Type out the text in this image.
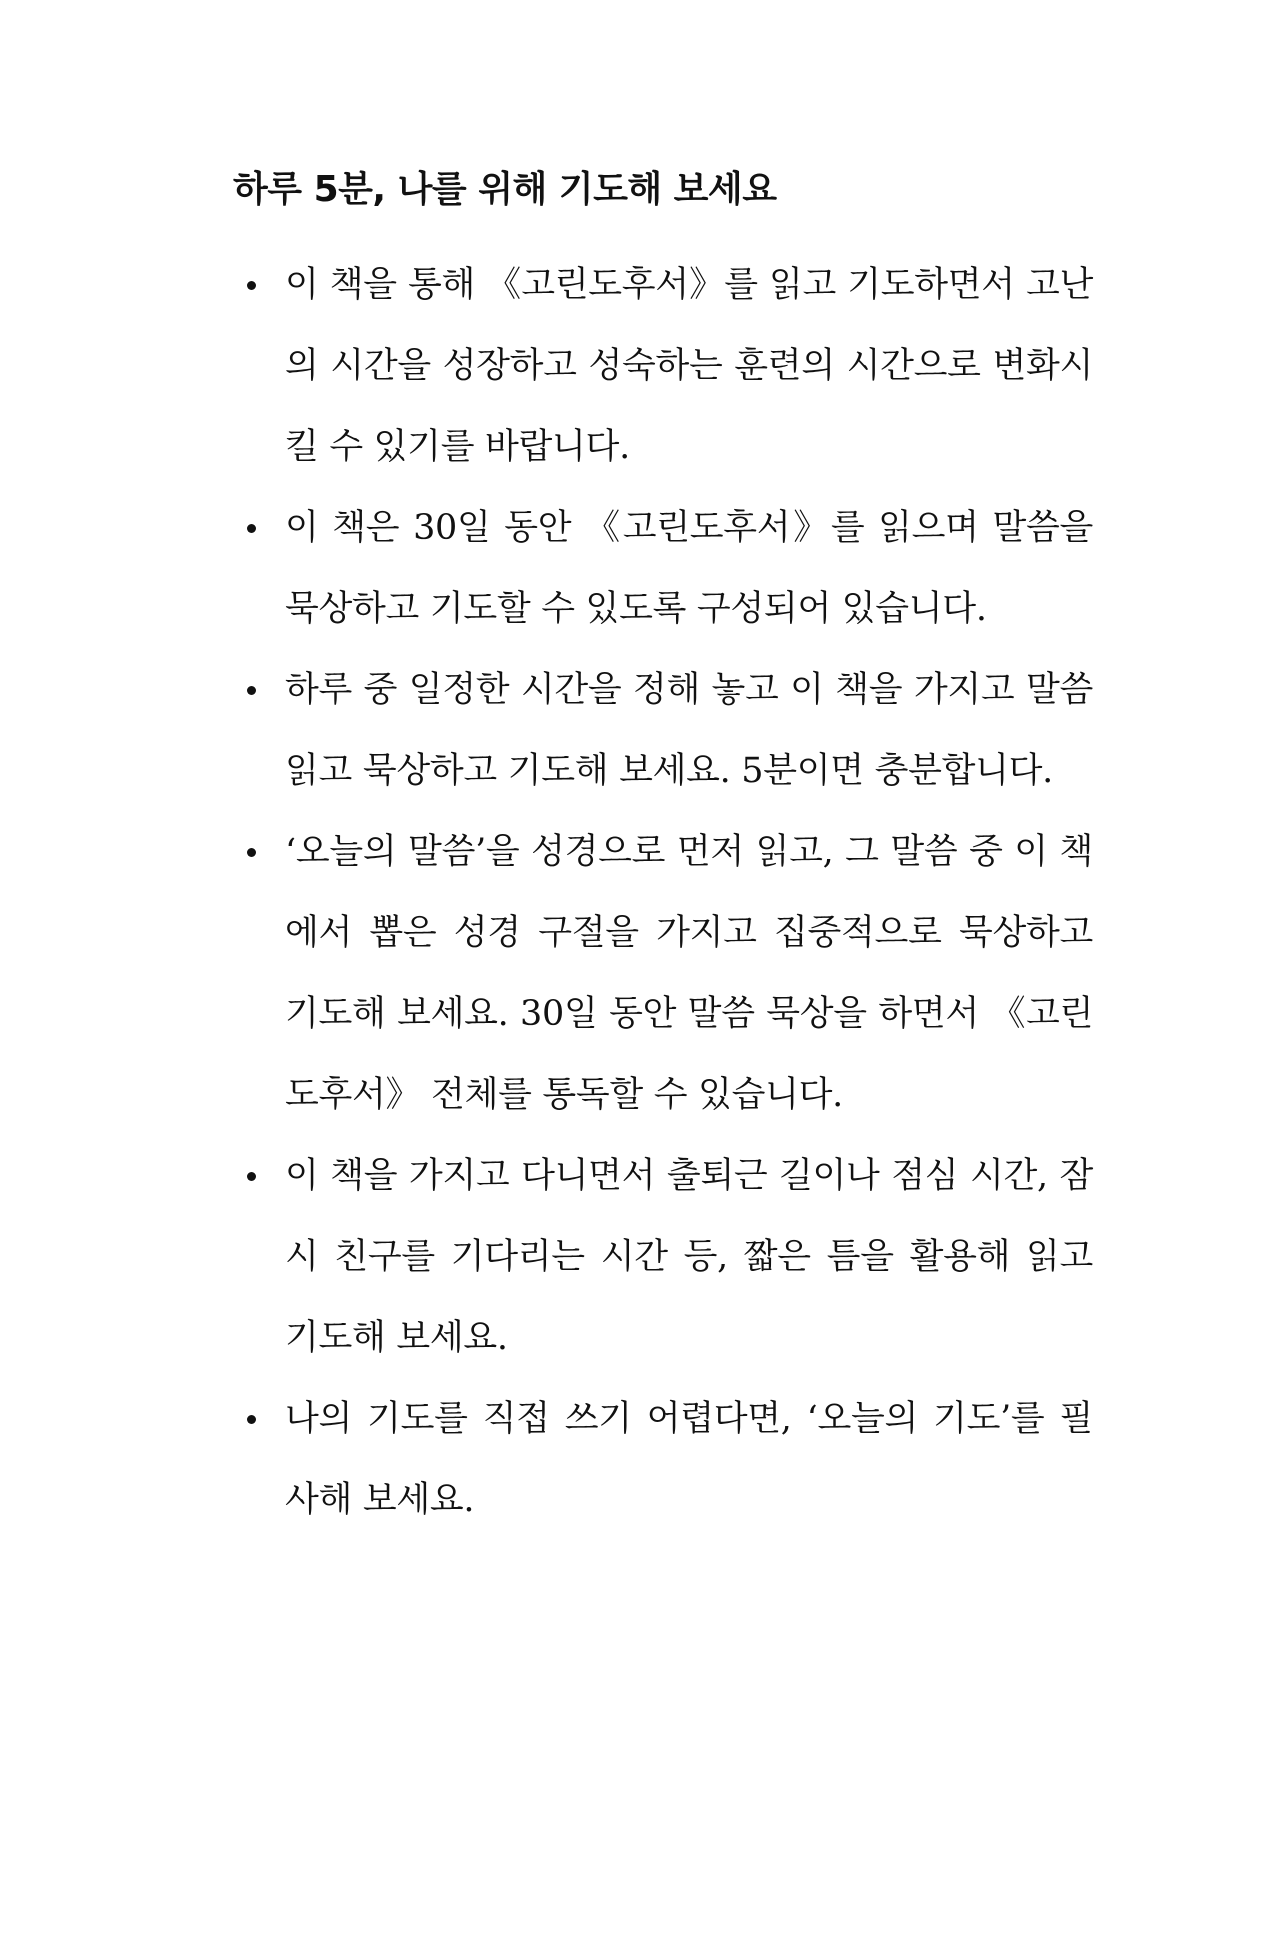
하루 5분, 나를 위해 기도해 보세요
이 책을 통해 《고린도후서》를 읽고 기도하면서 고난의 시간을 성장하고 성숙하는 훈련의 시간으로 변화시킬 수 있기를 바랍니다.
이 책은 30일 동안 《고린도후서》를 읽으며 말씀을 묵상하고 기도할 수 있도록 구성되어 있습니다.
하루 중 일정한 시간을 정해 놓고 이 책을 가지고 말씀 읽고 묵상하고 기도해 보세요. 5분이면 충분합니다.
‘오늘의 말씀’을 성경으로 먼저 읽고, 그 말씀 중 이 책에서 뽑은 성경 구절을 가지고 집중적으로 묵상하고 기도해 보세요. 30일 동안 말씀 묵상을 하면서 《고린도후서》 전체를 통독할 수 있습니다.
이 책을 가지고 다니면서 출퇴근 길이나 점심 시간, 잠시 친구를 기다리는 시간 등, 짧은 틈을 활용해 읽고 기도해 보세요.
나의 기도를 직접 쓰기 어렵다면, ‘오늘의 기도’를 필사해 보세요.
